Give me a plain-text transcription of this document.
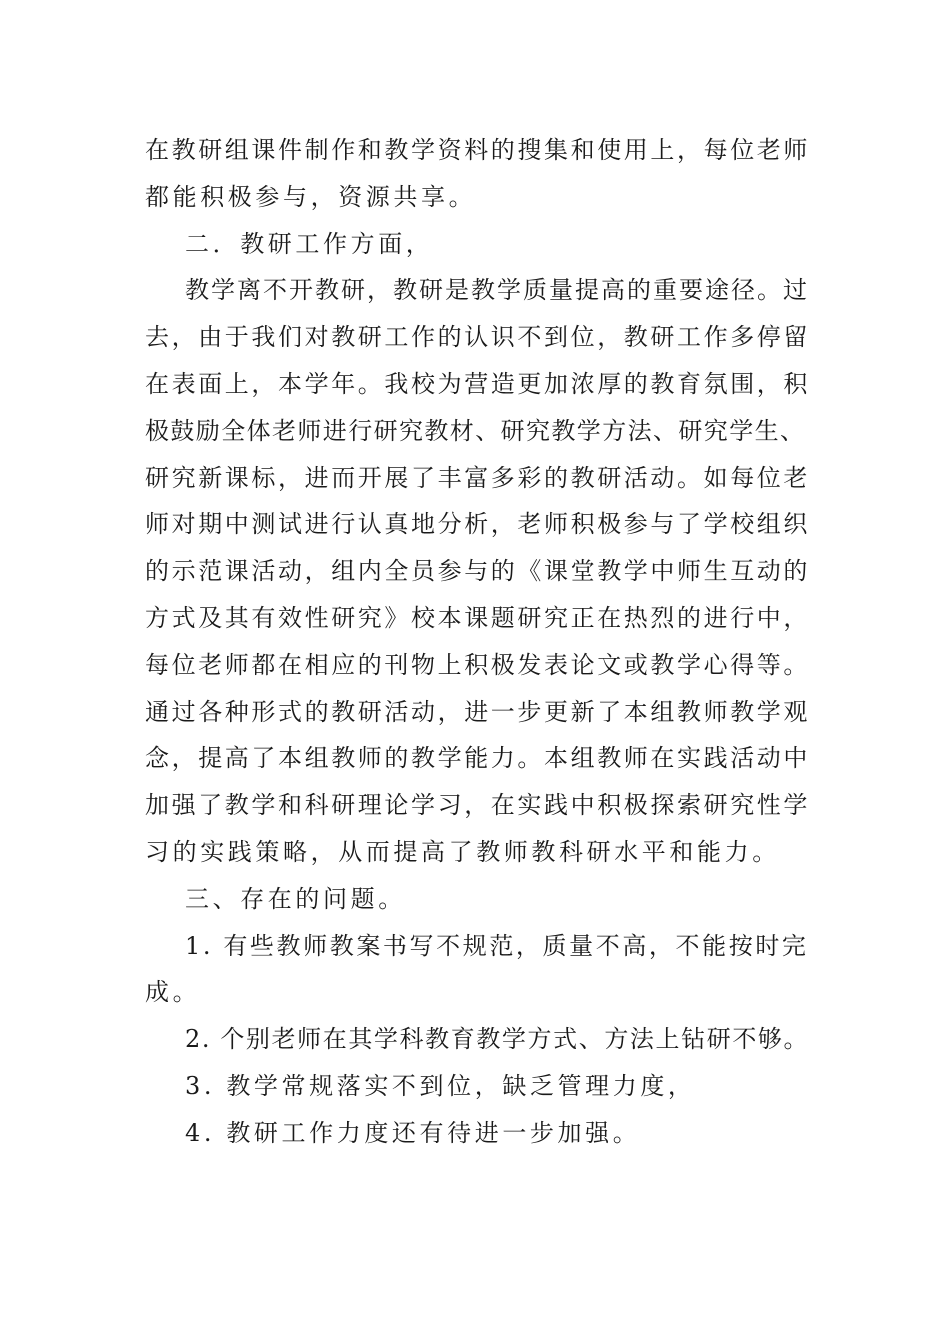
在教研组课件制作和教学资料的搜集和使用上，每位老师
都能积极参与，资源共享。
二．教研工作方面，
教学离不开教研，教研是教学质量提高的重要途径。过
去，由于我们对教研工作的认识不到位，教研工作多停留
在表面上，本学年。我校为营造更加浓厚的教育氛围，积
极鼓励全体老师进行研究教材、研究教学方法、研究学生、
研究新课标，进而开展了丰富多彩的教研活动。如每位老
师对期中测试进行认真地分析，老师积极参与了学校组织
的示范课活动，组内全员参与的《课堂教学中师生互动的
方式及其有效性研究》校本课题研究正在热烈的进行中，
每位老师都在相应的刊物上积极发表论文或教学心得等。
通过各种形式的教研活动，进一步更新了本组教师教学观
念，提高了本组教师的教学能力。本组教师在实践活动中
加强了教学和科研理论学习，在实践中积极探索研究性学
习的实践策略，从而提高了教师教科研水平和能力。
三、存在的问题。
1. 有些教师教案书写不规范，质量不高，不能按时完
成。
2. 个别老师在其学科教育教学方式、方法上钻研不够。
3. 教学常规落实不到位，缺乏管理力度，
4. 教研工作力度还有待进一步加强。
